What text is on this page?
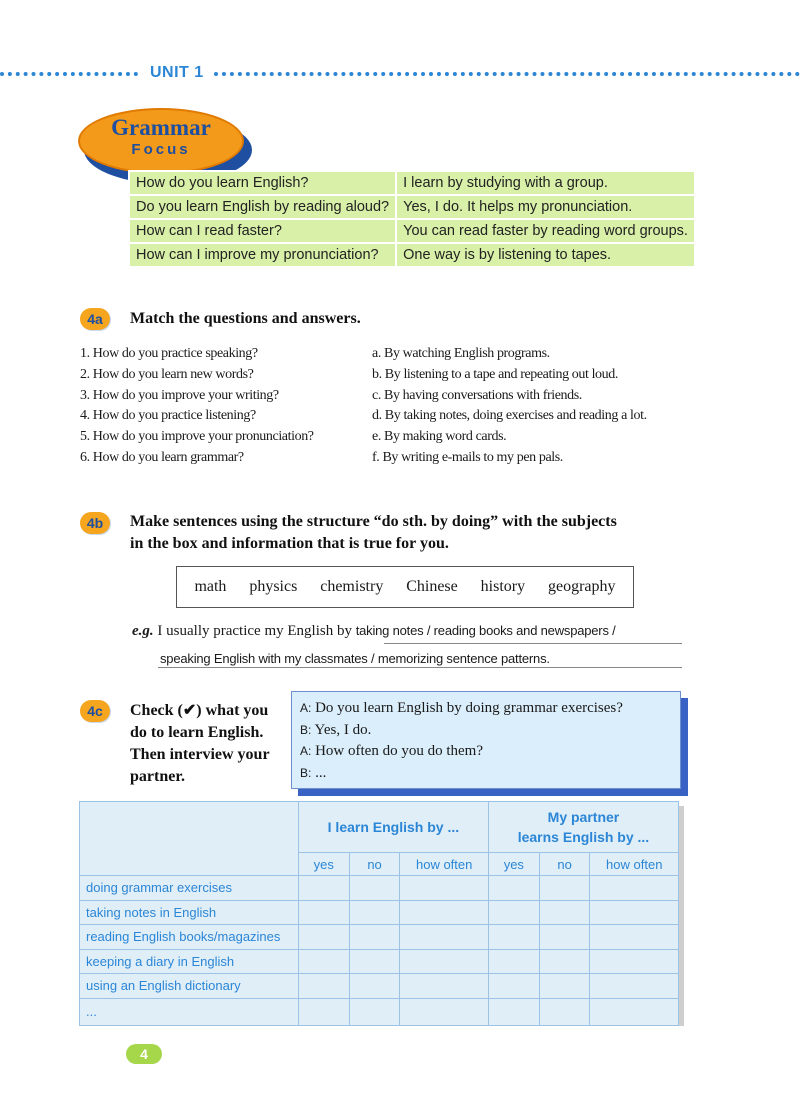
UNIT 1
Grammar
Focus
How do you learn English?	I learn by studying with a group.
Do you learn English by reading aloud?	Yes, I do. It helps my pronunciation.
How can I read faster?	You can read faster by reading word groups.
How can I improve my pronunciation?	One way is by listening to tapes.
4a	Match the questions and answers.
1. How do you practice speaking?
2. How do you learn new words?
3. How do you improve your writing?
4. How do you practice listening?
5. How do you improve your pronunciation?
6. How do you learn grammar?
a. By watching English programs.
b. By listening to a tape and repeating out loud.
c. By having conversations with friends.
d. By taking notes, doing exercises and reading a lot.
e. By making word cards.
f. By writing e-mails to my pen pals.
4b	Make sentences using the structure “do sth. by doing” with the subjects
in the box and information that is true for you.
math physics chemistry Chinese history geography
e.g. I usually practice my English by taking notes / reading books and newspapers /
speaking English with my classmates / memorizing sentence patterns.
4c	Check (✔) what you
do to learn English.
Then interview your
partner.
A: Do you learn English by doing grammar exercises?
B: Yes, I do.
A: How often do you do them?
B: ...
	I learn English by ...			My partner
learns English by ...		

	yes	no	how often	yes	no	how often
doing grammar exercises						
taking notes in English						
reading English books/magazines						
keeping a diary in English						
using an English dictionary						
...						
4
